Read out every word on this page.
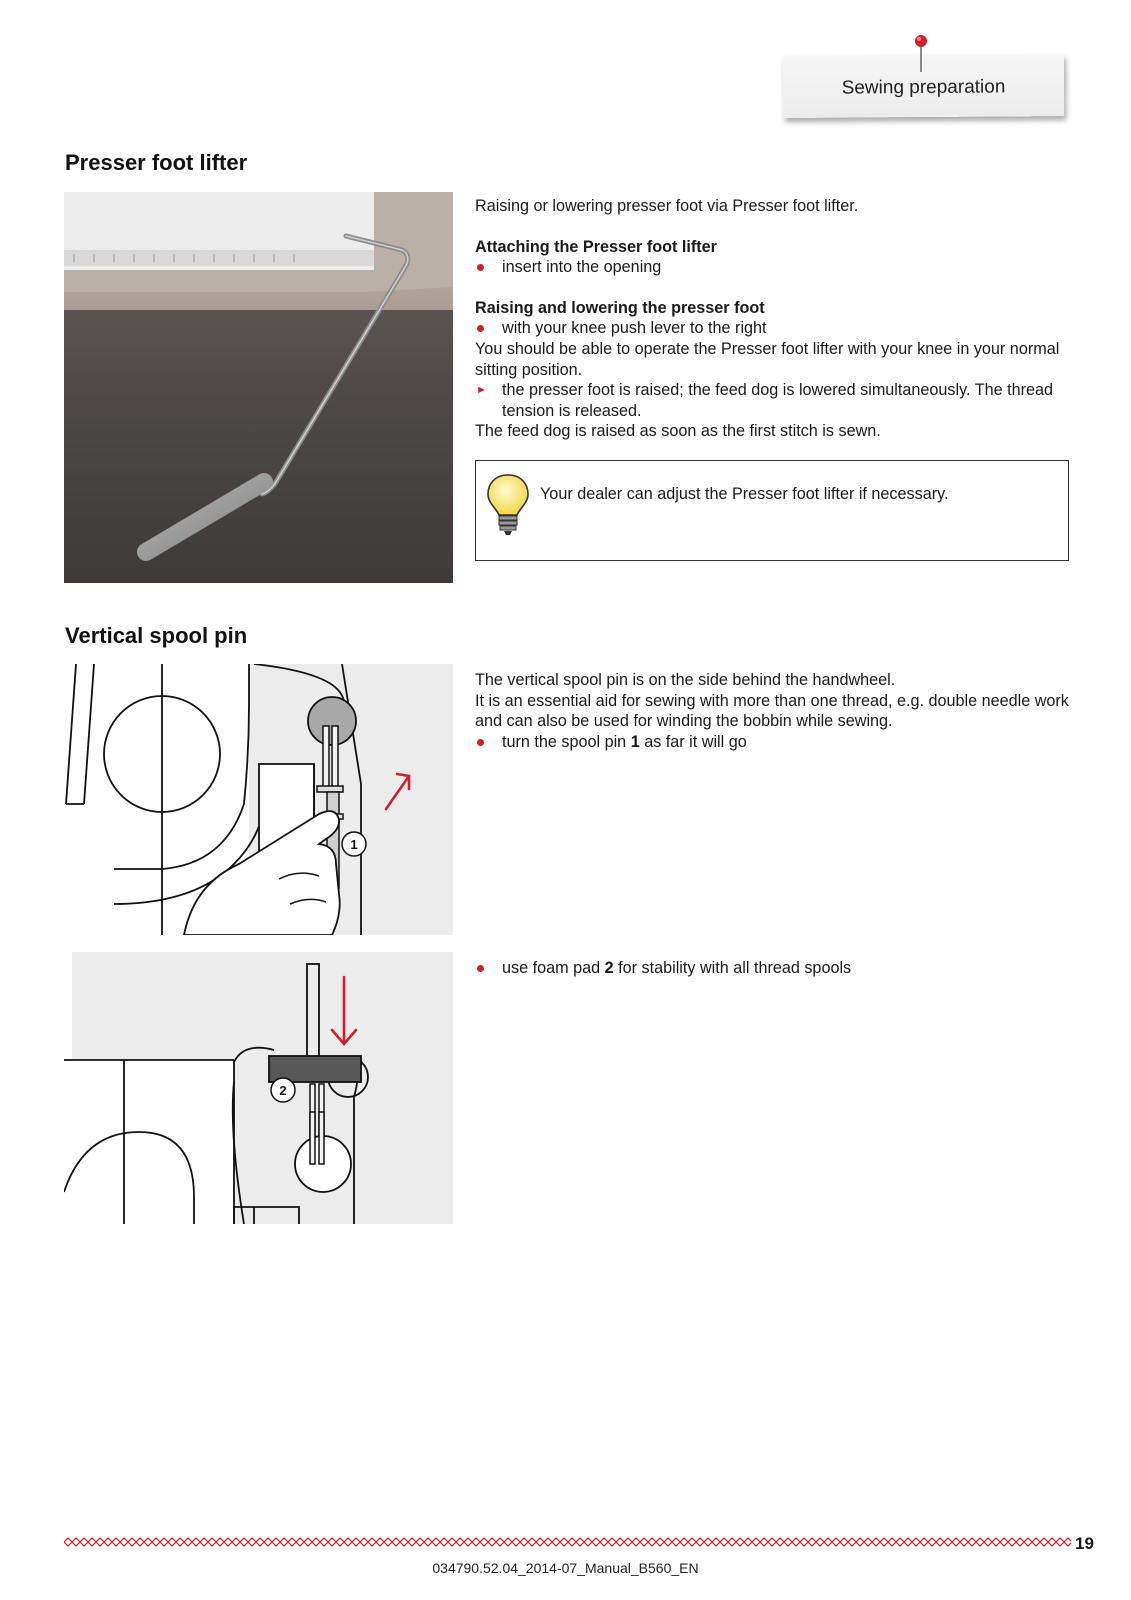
Sewing preparation
Presser foot lifter

Raising or lowering presser foot via Presser foot lifter.

Attaching the Presser foot lifter

insert into the opening

Raising and lowering the presser foot

with your knee push lever to the right

You should be able to operate the Presser foot lifter with your knee in your normal sitting position.

► the presser foot is raised; the feed dog is lowered simultaneously. The thread tension is released.

The feed dog is raised as soon as the first stitch is sewn.

Your dealer can adjust the Presser foot lifter if necessary.
Vertical spool pin
1

The vertical spool pin is on the side behind the handwheel.

It is an essential aid for sewing with more than one thread, e.g. double needle work and can also be used for winding the bobbin while sewing.

turn the spool pin 1 as far it will go

2

use foam pad 2 for stability with all thread spools

19
034790.52.04_2014-07_Manual_B560_EN
